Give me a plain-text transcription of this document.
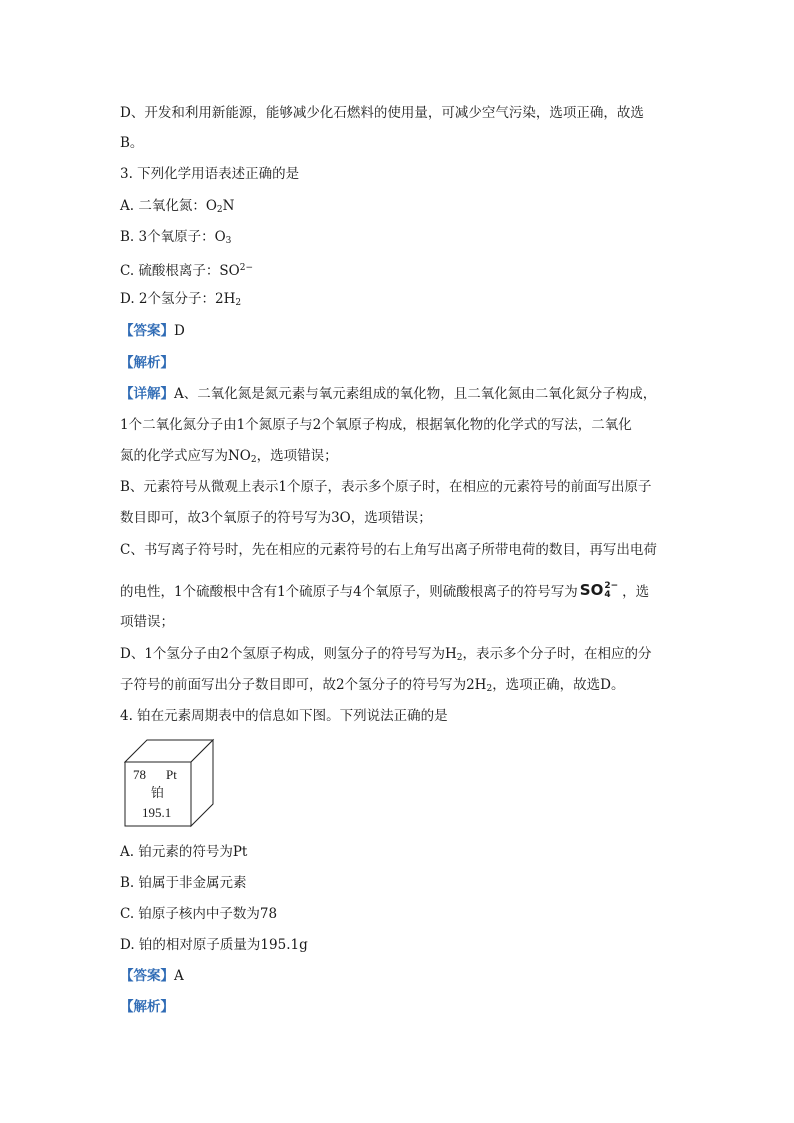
D、开发和利用新能源，能够减少化石燃料的使用量，可减少空气污染，选项正确，故选
B。
3. 下列化学用语表述正确的是
A. 二氧化氮：$O_2N$
B. 3个氧原子：$O_3$
C. 硫酸根离子：$SO^{2-}$
D. 2个氢分子：$2H_2$
【答案】D
【解析】
【详解】A、二氧化氮是氮元素与氧元素组成的氧化物，且二氧化氮由二氧化氮分子构成，
1个二氧化氮分子由1个氮原子与2个氧原子构成，根据氧化物的化学式的写法，二氧化
氮的化学式应写为$NO_2$，选项错误；
B、元素符号从微观上表示1个原子，表示多个原子时，在相应的元素符号的前面写出原子
数目即可，故3个氧原子的符号写为3O，选项错误；
C、书写离子符号时，先在相应的元素符号的右上角写出离子所带电荷的数目，再写出电荷
的电性，1个硫酸根中含有1个硫原子与4个氧原子，则硫酸根离子的符号写为 SO 2−
4 ，选
项错误；
D、1个氢分子由2个氢原子构成，则氢分子的符号写为$H_2$，表示多个分子时，在相应的分
子符号的前面写出分子数目即可，故2个氢分子的符号写为$2H_2$，选项正确，故选D。
4. 铂在元素周期表中的信息如下图。下列说法正确的是
78 Pt
铂
195.1
A. 铂元素的符号为Pt
B. 铂属于非金属元素
C. 铂原子核内中子数为78
D. 铂的相对原子质量为195.1g
【答案】A
【解析】
